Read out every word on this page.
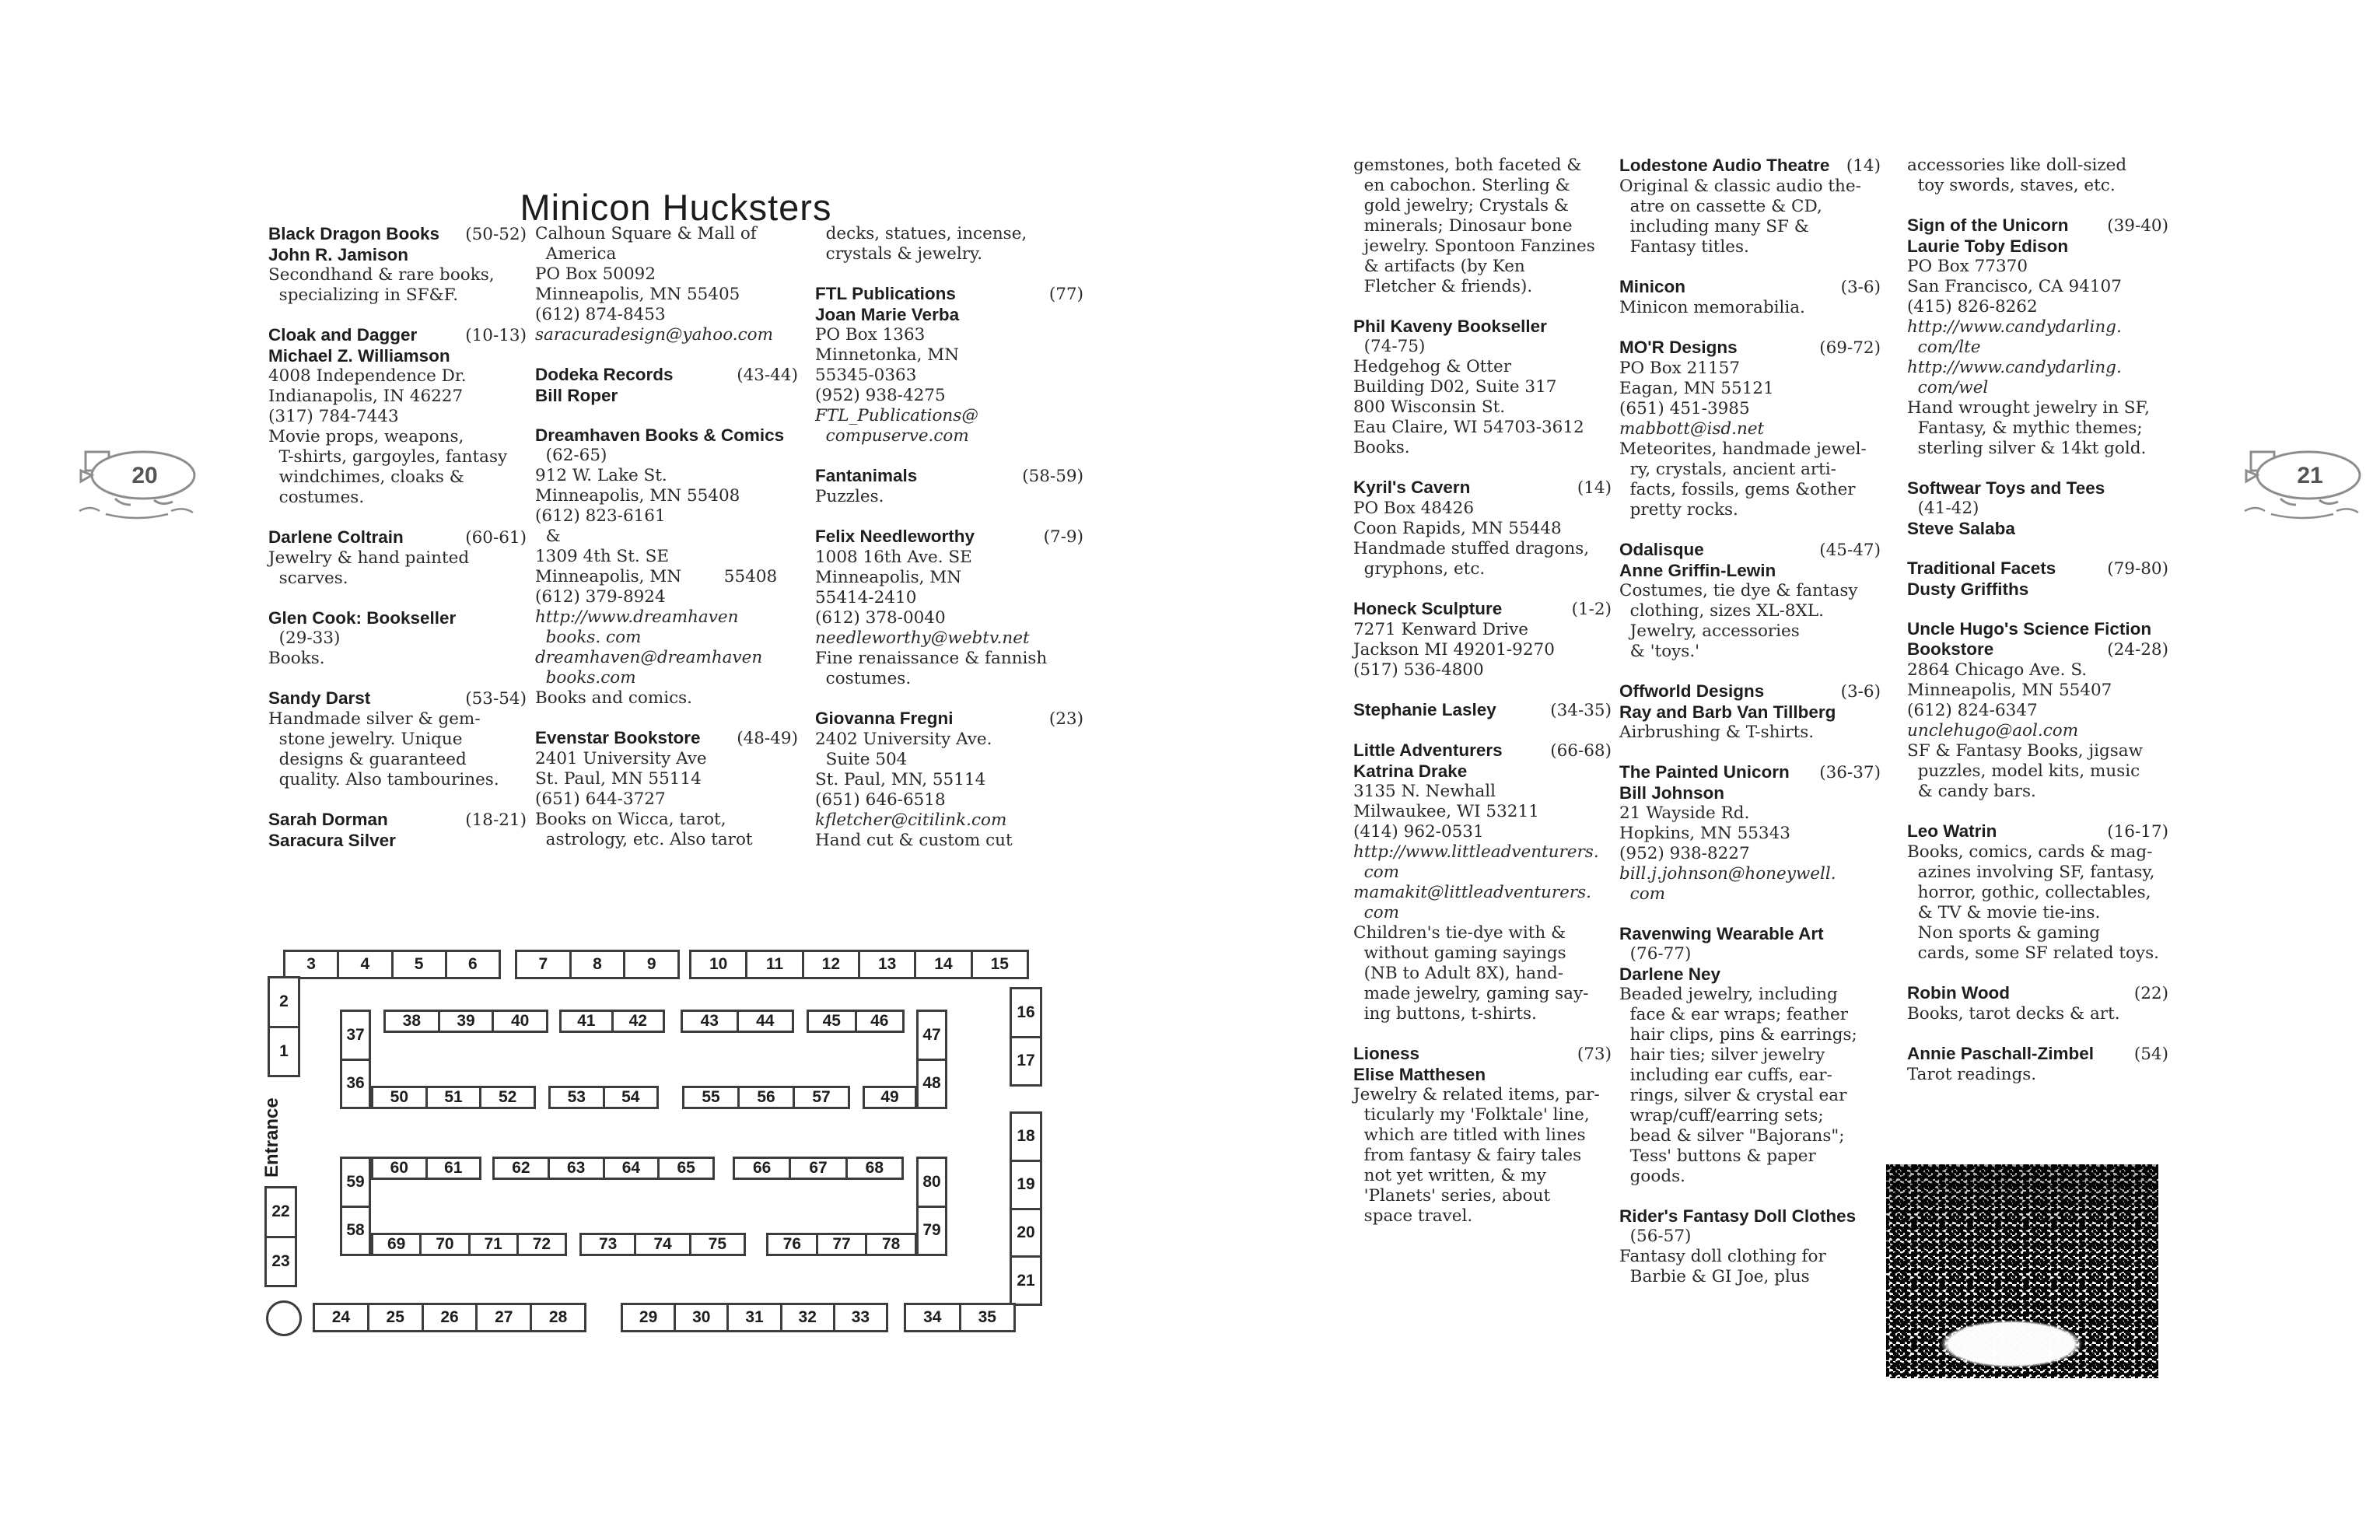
Minicon Hucksters
Entrance
3	4	5	6	7	8	9	10	11	12	13	14	15
16
17
2
1
22
23
37
36
38	39	40	41	42	43	44	45	46
47
48
50	51	52	53	54	55	56	57	49
59
58
60	61	62	63	64	65	66	67	68
80
79
69	70	71	72	73	74	75	76	77	78
18
19
20
21
24	25	26	27	28	29	30	31	32	33	34	35
20	21
Black Dragon Books (50-52)
John R. Jamison
Secondhand & rare books,
specializing in SF&F.
Cloak and Dagger	(10-13)
Michael Z. Williamson
4008 Independence Dr.
Indianapolis, IN 46227
(317) 784-7443
Movie props, weapons,
T-shirts, gargoyles, fantasy
windchimes, cloaks &
costumes.
Darlene Coltrain	(60-61)
Jewelry & hand painted
scarves.
Glen Cook: Bookseller
(29-33)
Books.
Sandy Darst	(53-54)
Handmade silver & gem-
stone jewelry. Unique
designs & guaranteed
quality. Also tambourines.
Sarah Dorman	(18-21)
Saracura Silver
Calhoun Square & Mall of
America
PO Box 50092
Minneapolis, MN 55405
(612) 874-8453
saracuradesign@yahoo.com
Dodeka Records	(43-44)
Bill Roper
Dreamhaven Books & Comics
(62-65)
912 W. Lake St.
Minneapolis, MN 55408
(612) 823-6161
&
1309 4th St. SE
Minneapolis, MN        55408
(612) 379-8924
http://www.dreamhaven
books. com
dreamhaven@dreamhaven
books.com
Books and comics.
Evenstar Bookstore (48-49)
2401 University Ave
St. Paul, MN 55114
(651) 644-3727
Books on Wicca, tarot,
astrology, etc. Also tarot
decks, statues, incense,
crystals & jewelry.
FTL Publications	(77)
Joan Marie Verba
PO Box 1363
Minnetonka, MN
55345-0363
(952) 938-4275
FTL_Publications@
compuserve.com
Fantanimals	(58-59)
Puzzles.
Felix Needleworthy	(7-9)
1008 16th Ave. SE
Minneapolis, MN
55414-2410
(612) 378-0040
needleworthy@webtv.net
Fine renaissance & fannish
costumes.
Giovanna Fregni	(23)
2402 University Ave.
Suite 504
St. Paul, MN, 55114
(651) 646-6518
kfletcher@citilink.com
Hand cut & custom cut
gemstones, both faceted &
en cabochon. Sterling &
gold jewelry; Crystals &
minerals; Dinosaur bone
jewelry. Spontoon Fanzines
& artifacts (by Ken
Fletcher & friends).
Phil Kaveny Bookseller
(74-75)
Hedgehog & Otter
Building D02, Suite 317
800 Wisconsin St.
Eau Claire, WI 54703-3612
Books.
Kyril's Cavern	(14)
PO Box 48426
Coon Rapids, MN 55448
Handmade stuffed dragons,
gryphons, etc.
Honeck Sculpture	(1-2)
7271 Kenward Drive
Jackson MI 49201-9270
(517) 536-4800
Stephanie Lasley	(34-35)
Little Adventurers	(66-68)
Katrina Drake
3135 N. Newhall
Milwaukee, WI 53211
(414) 962-0531
http://www.littleadventurers.
com
mamakit@littleadventurers.
com
Children's tie-dye with &
without gaming sayings
(NB to Adult 8X), hand-
made jewelry, gaming say-
ing buttons, t-shirts.
Lioness	(73)
Elise Matthesen
Jewelry & related items, par-
ticularly my 'Folktale' line,
which are titled with lines
from fantasy & fairy tales
not yet written, & my
'Planets' series, about
space travel.
Lodestone Audio Theatre (14)
Original & classic audio the-
atre on cassette & CD,
including many SF &
Fantasy titles.
Minicon	(3-6)
Minicon memorabilia.
MO'R Designs	(69-72)
PO Box 21157
Eagan, MN 55121
(651) 451-3985
mabbott@isd.net
Meteorites, handmade jewel-
ry, crystals, ancient arti-
facts, fossils, gems &other
pretty rocks.
Odalisque	(45-47)
Anne Griffin-Lewin
Costumes, tie dye & fantasy
clothing, sizes XL-8XL.
Jewelry, accessories
& 'toys.'
Offworld Designs	(3-6)
Ray and Barb Van Tillberg
Airbrushing & T-shirts.
The Painted Unicorn (36-37)
Bill Johnson
21 Wayside Rd.
Hopkins, MN 55343
(952) 938-8227
bill.j.johnson@honeywell.
com
Ravenwing Wearable Art
(76-77)
Darlene Ney
Beaded jewelry, including
face & ear wraps; feather
hair clips, pins & earrings;
hair ties; silver jewelry
including ear cuffs, ear-
rings, silver & crystal ear
wrap/cuff/earring sets;
bead & silver "Bajorans";
Tess' buttons & paper
goods.
Rider's Fantasy Doll Clothes
(56-57)
Fantasy doll clothing for
Barbie & GI Joe, plus
accessories like doll-sized
toy swords, staves, etc.
Sign of the Unicorn (39-40)
Laurie Toby Edison
PO Box 77370
San Francisco, CA 94107
(415) 826-8262
http://www.candydarling.
com/lte
http://www.candydarling.
com/wel
Hand wrought jewelry in SF,
Fantasy, & mythic themes;
sterling silver & 14kt gold.
Softwear Toys and Tees
(41-42)
Steve Salaba
Traditional Facets	(79-80)
Dusty Griffiths
Uncle Hugo's Science Fiction
Bookstore	(24-28)
2864 Chicago Ave. S.
Minneapolis, MN 55407
(612) 824-6347
unclehugo@aol.com
SF & Fantasy Books, jigsaw
puzzles, model kits, music
& candy bars.
Leo Watrin	(16-17)
Books, comics, cards & mag-
azines involving SF, fantasy,
horror, gothic, collectables,
& TV & movie tie-ins.
Non sports & gaming
cards, some SF related toys.
Robin Wood	(22)
Books, tarot decks & art.
Annie Paschall-Zimbel (54)
Tarot readings.
